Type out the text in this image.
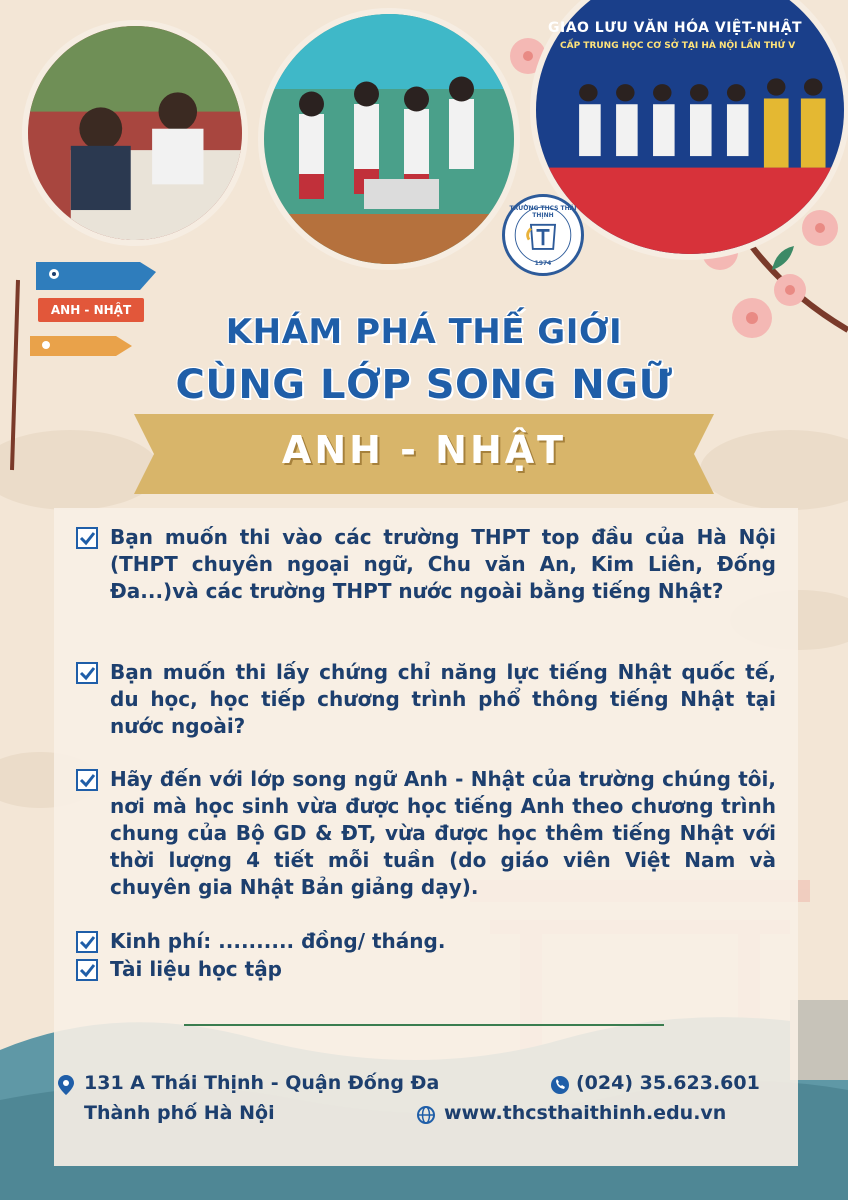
GIAO LƯU VĂN HÓA VIỆT-NHẬT
CẤP TRUNG HỌC CƠ SỞ TẠI HÀ NỘI LẦN THỨ V
TRƯỜNG THCS THÁI THỊNH
1974
ANH - NHẬT
KHÁM PHÁ THẾ GIỚI
CÙNG LỚP SONG NGỮ
ANH - NHẬT
Bạn muốn thi vào các trường THPT top đầu của Hà Nội (THPT chuyên ngoại ngữ, Chu văn An, Kim Liên, Đống Đa...)và các trường THPT nước ngoài bằng tiếng Nhật?
Bạn muốn thi lấy chứng chỉ năng lực tiếng Nhật quốc tế, du học, học tiếp chương trình phổ thông tiếng Nhật tại nước ngoài?
Hãy đến với lớp song ngữ Anh - Nhật của trường chúng tôi, nơi mà học sinh vừa được học tiếng Anh theo chương trình chung của Bộ GD & ĐT, vừa được học thêm tiếng Nhật với thời lượng 4 tiết mỗi tuần (do giáo viên Việt Nam và chuyên gia Nhật Bản giảng dạy).
Kinh phí: .......... đồng/ tháng.
Tài liệu học tập
131 A Thái Thịnh - Quận Đống Đa
Thành phố Hà Nội
(024) 35.623.601
www.thcsthaithinh.edu.vn
